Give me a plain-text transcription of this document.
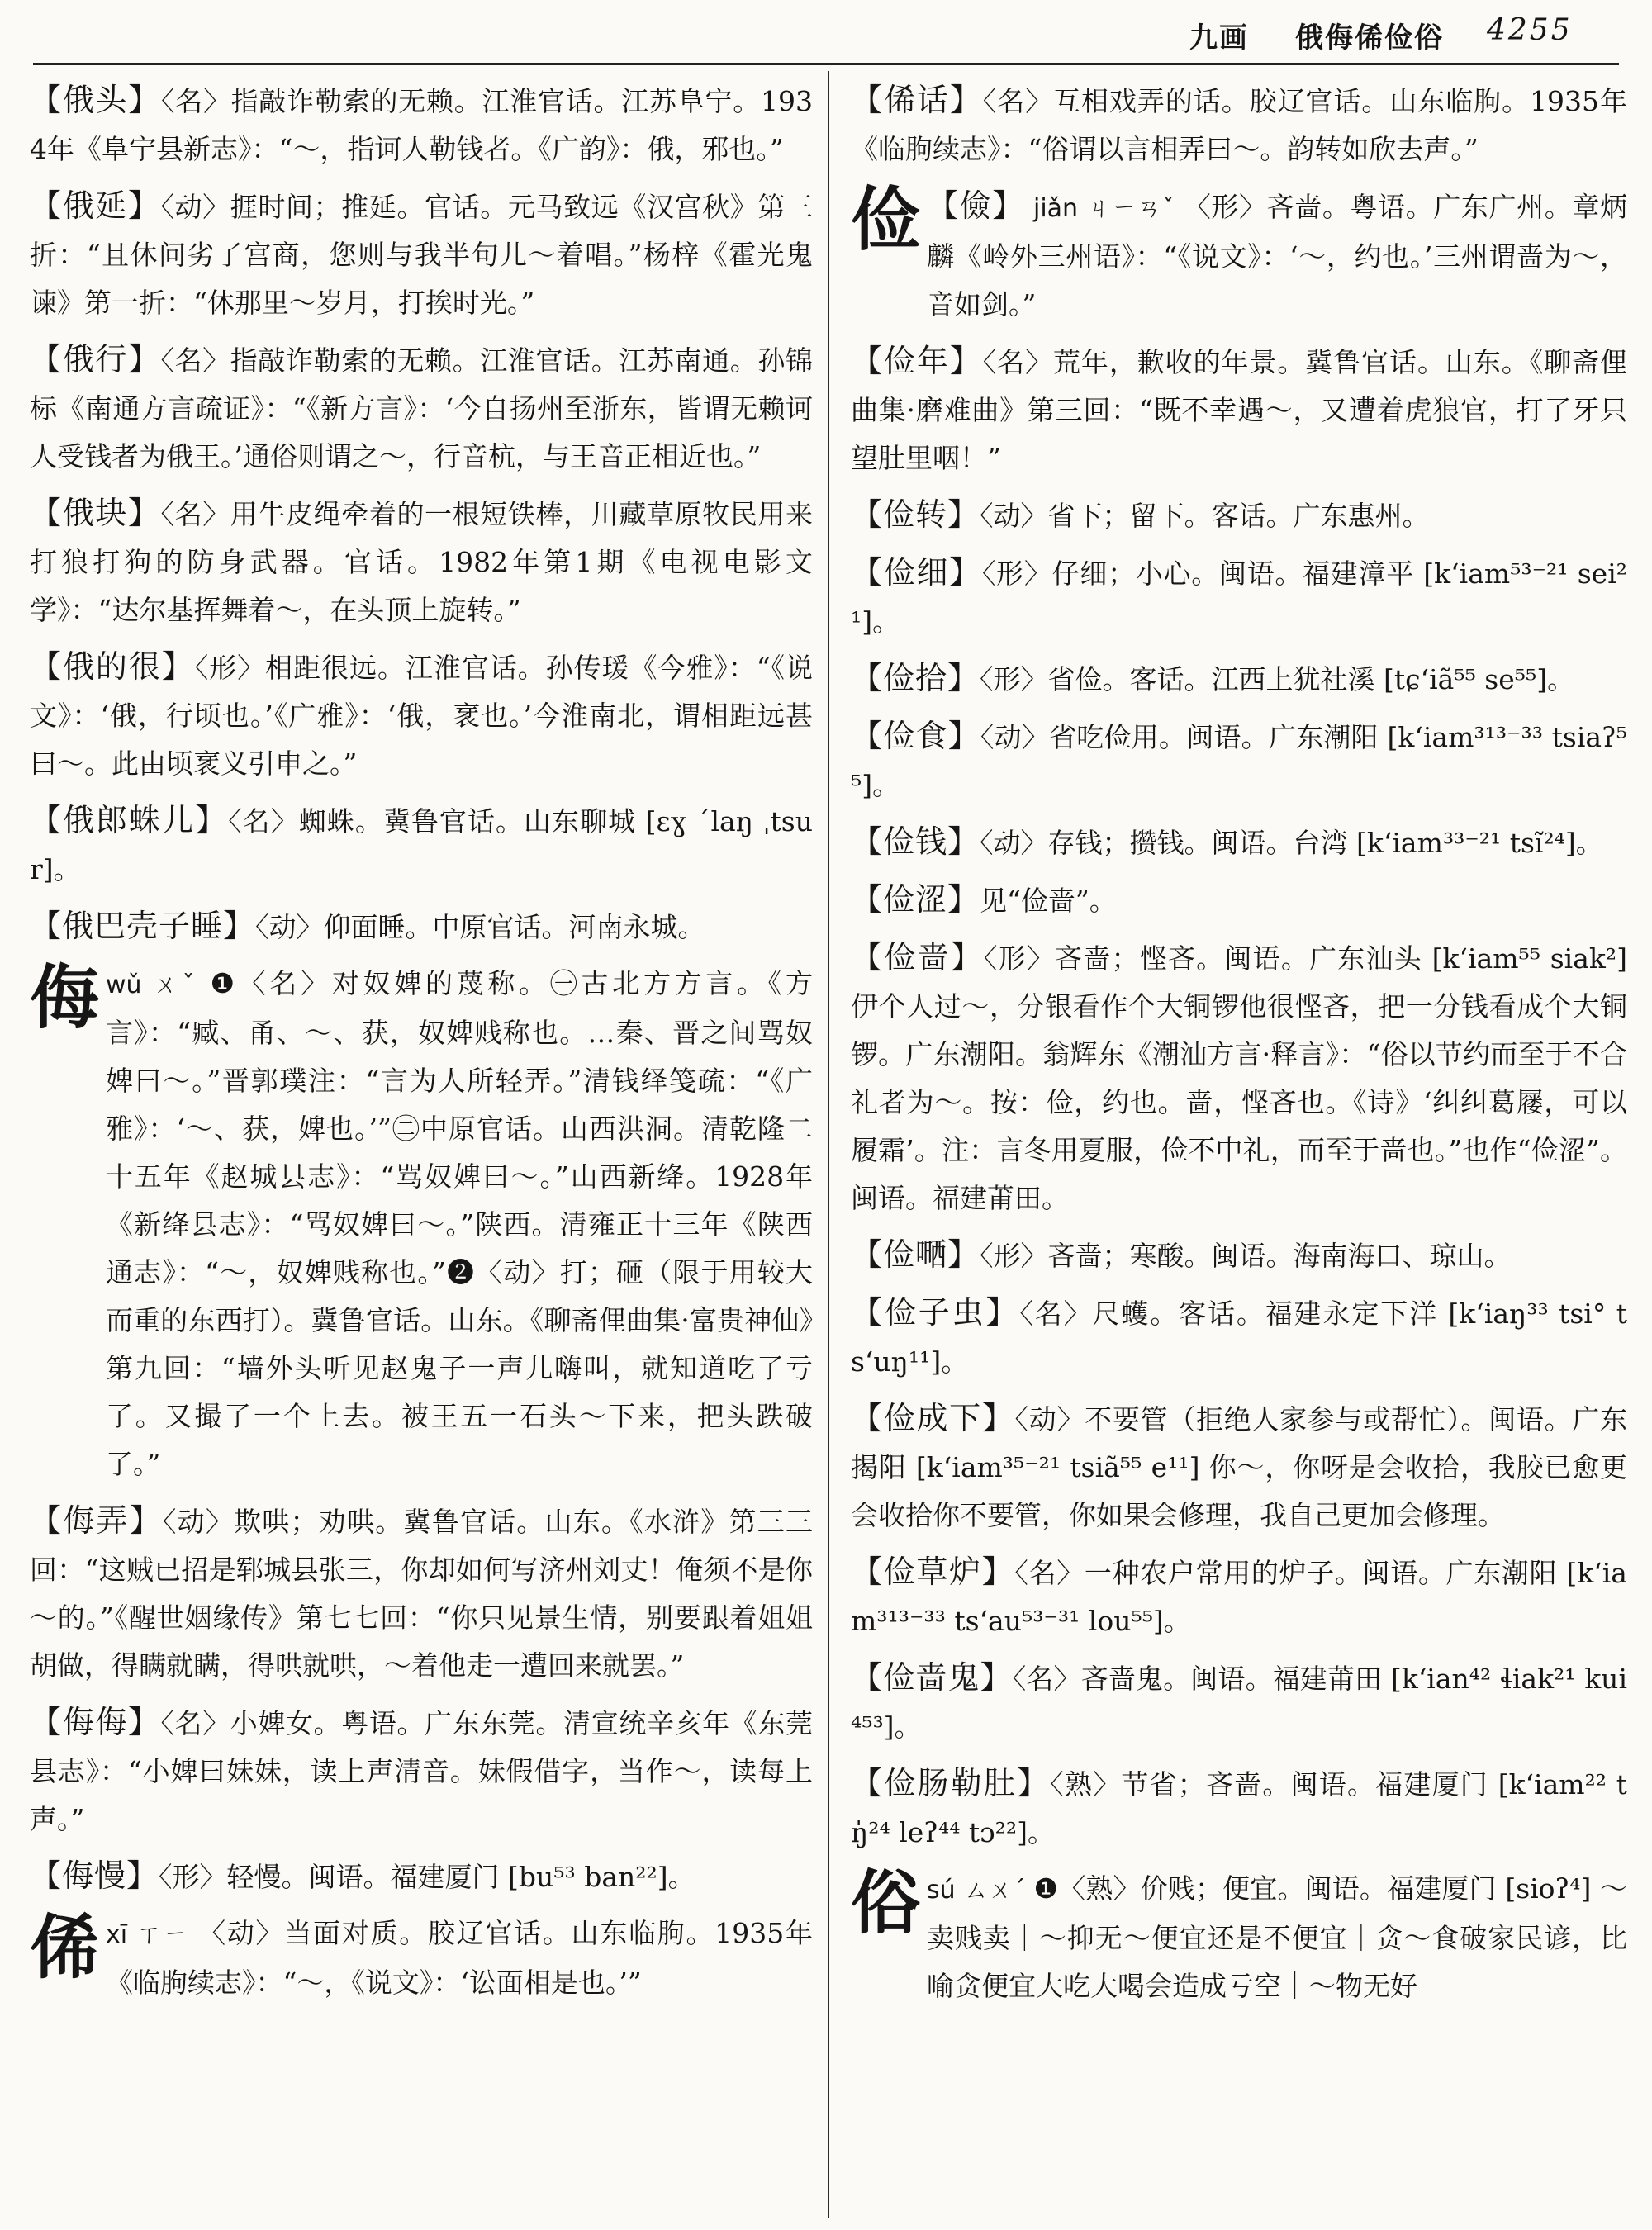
九画 俄侮俙俭俗 4255

【俄头】〈名〉指敲诈勒索的无赖。江淮官话。江苏阜宁。1934年《阜宁县新志》：“～，指诃人勒钱者。《广韵》：俄，邪也。”

【俄延】〈动〉捱时间；推延。官话。元马致远《汉宫秋》第三折：“且休问劣了宫商，您则与我半句儿～着唱。”杨梓《霍光鬼谏》第一折：“休那里～岁月，打挨时光。”

【俄行】〈名〉指敲诈勒索的无赖。江淮官话。江苏南通。孙锦标《南通方言疏证》：“《新方言》：‘今自扬州至浙东，皆谓无赖诃人受钱者为俄王。’通俗则谓之～，行音杭，与王音正相近也。”

【俄块】〈名〉用牛皮绳牵着的一根短铁棒，川藏草原牧民用来打狼打狗的防身武器。官话。1982年第1期《电视电影文学》：“达尔基挥舞着～，在头顶上旋转。”

【俄的很】〈形〉相距很远。江淮官话。孙传瑗《今雅》：“《说文》：‘俄，行顷也。’《广雅》：‘俄，衺也。’今淮南北，谓相距远甚曰～。此由顷衺义引申之。”

【俄郎蛛儿】〈名〉蜘蛛。冀鲁官话。山东聊城 [ɛɣ ˊlaŋ ˌtsur]。

【俄巴壳子睡】〈动〉仰面睡。中原官话。河南永城。

侮 wǔ ㄨˇ ❶〈名〉对奴婢的蔑称。㊀古北方方言。《方言》：“臧、甬、～、获，奴婢贱称也。…秦、晋之间骂奴婢曰～。”晋郭璞注：“言为人所轻弄。”清钱绎笺疏：“《广雅》：‘～、获，婢也。’”㊁中原官话。山西洪洞。清乾隆二十五年《赵城县志》：“骂奴婢曰～。”山西新绛。1928年《新绛县志》：“骂奴婢曰～。”陕西。清雍正十三年《陕西通志》：“～，奴婢贱称也。”❷〈动〉打；砸（限于用较大而重的东西打）。冀鲁官话。山东。《聊斋俚曲集·富贵神仙》第九回：“墙外头听见赵鬼子一声儿嗨叫，就知道吃了亏了。又撮了一个上去。被王五一石头～下来，把头跌破了。”

【侮弄】〈动〉欺哄；劝哄。冀鲁官话。山东。《水浒》第三三回：“这贼已招是郓城县张三，你却如何写济州刘丈！俺须不是你～的。”《醒世姻缘传》第七七回：“你只见景生情，别要跟着姐姐胡做，得瞒就瞒，得哄就哄，～着他走一遭回来就罢。”

【侮侮】〈名〉小婢女。粤语。广东东莞。清宣统辛亥年《东莞县志》：“小婢曰妹妹，读上声清音。妹假借字，当作～，读每上声。”

【侮慢】〈形〉轻慢。闽语。福建厦门 [bu⁵³ ban²²]。

俙 xī ㄒㄧ 〈动〉当面对质。胶辽官话。山东临朐。1935年《临朐续志》：“～，《说文》：‘讼面相是也。’”

【俙话】〈名〉互相戏弄的话。胶辽官话。山东临朐。1935年《临朐续志》：“俗谓以言相弄曰～。韵转如欣去声。”

俭 【儉】 jiǎn ㄐㄧㄢˇ 〈形〉吝啬。粤语。广东广州。章炳麟《岭外三州语》：“《说文》：‘～，约也。’三州谓啬为～，音如剑。”

【俭年】〈名〉荒年，歉收的年景。冀鲁官话。山东。《聊斋俚曲集·磨难曲》第三回：“既不幸遇～，又遭着虎狼官，打了牙只望肚里咽！”

【俭转】〈动〉省下；留下。客话。广东惠州。

【俭细】〈形〉仔细；小心。闽语。福建漳平 [k‘iam⁵³⁻²¹ sei²¹]。

【俭拾】〈形〉省俭。客话。江西上犹社溪 [tɕ‘iã⁵⁵ se⁵⁵]。

【俭食】〈动〉省吃俭用。闽语。广东潮阳 [k‘iam³¹³⁻³³ tsiaʔ⁵⁵]。

【俭钱】〈动〉存钱；攒钱。闽语。台湾 [k‘iam³³⁻²¹ tsĩ²⁴]。

【俭涩】见“俭啬”。

【俭啬】〈形〉吝啬；悭吝。闽语。广东汕头 [k‘iam⁵⁵ siak²] 伊个人过～，分银看作个大铜锣他很悭吝，把一分钱看成个大铜锣。广东潮阳。翁辉东《潮汕方言·释言》：“俗以节约而至于不合礼者为～。按：俭，约也。啬，悭吝也。《诗》‘纠纠葛屦，可以履霜’。注：言冬用夏服，俭不中礼，而至于啬也。”也作“俭涩”。闽语。福建莆田。

【俭嗮】〈形〉吝啬；寒酸。闽语。海南海口、琼山。

【俭子虫】〈名〉尺蠖。客话。福建永定下洋 [k‘iaŋ³³ tsi° ts‘uŋ¹¹]。

【俭成下】〈动〉不要管（拒绝人家参与或帮忙）。闽语。广东揭阳 [k‘iam³⁵⁻²¹ tsiã⁵⁵ e¹¹] 你～，你呀是会收拾，我胶已愈更会收拾你不要管，你如果会修理，我自己更加会修理。

【俭草炉】〈名〉一种农户常用的炉子。闽语。广东潮阳 [k‘iam³¹³⁻³³ ts‘au⁵³⁻³¹ lou⁵⁵]。

【俭啬鬼】〈名〉吝啬鬼。闽语。福建莆田 [k‘ian⁴² ɬiak²¹ kui⁴⁵³]。

【俭肠勒肚】〈熟〉节省；吝啬。闽语。福建厦门 [k‘iam²² tŋ̍²⁴ leʔ⁴⁴ tɔ²²]。

俗 sú ㄙㄨˊ ❶〈熟〉价贱；便宜。闽语。福建厦门 [sioʔ⁴] ～卖贱卖｜～抑无～便宜还是不便宜｜贪～食破家民谚，比喻贪便宜大吃大喝会造成亏空｜～物无好
